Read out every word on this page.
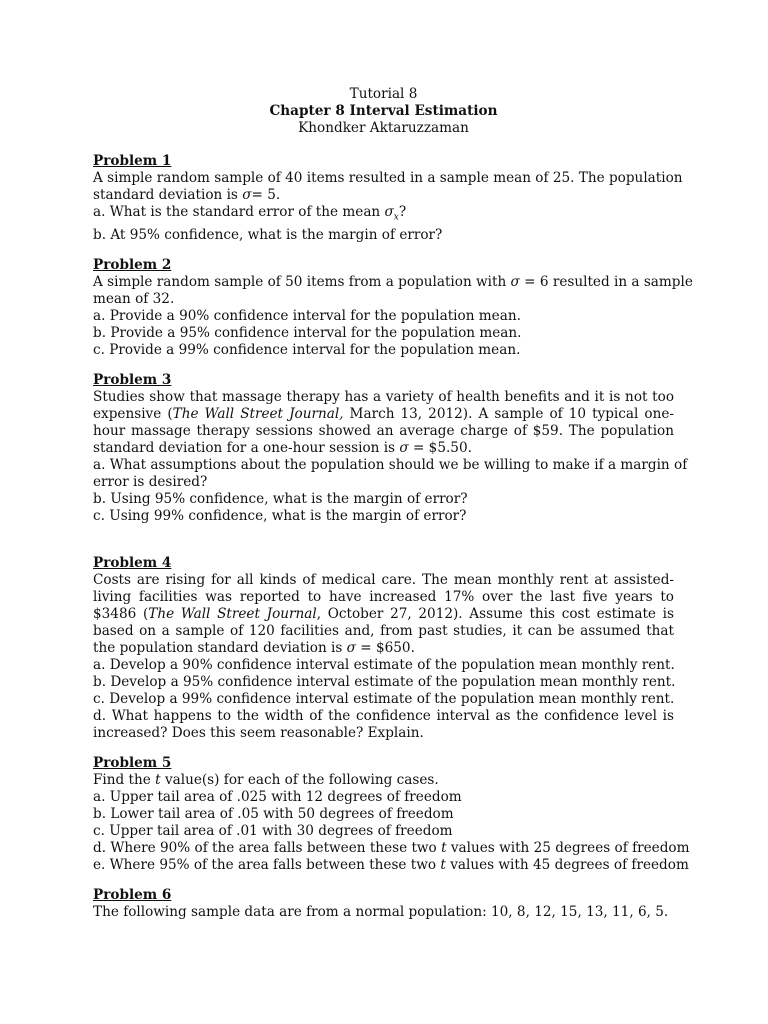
Tutorial 8
Chapter 8 Interval Estimation
Khondker Aktaruzzaman
Problem 1
A simple random sample of 40 items resulted in a sample mean of 25. The population
standard deviation is σ= 5.
a. What is the standard error of the mean $\sigma_x$?
b. At 95% confidence, what is the margin of error?
Problem 2
A simple random sample of 50 items from a population with σ = 6 resulted in a sample
mean of 32.
a. Provide a 90% confidence interval for the population mean.
b. Provide a 95% confidence interval for the population mean.
c. Provide a 99% confidence interval for the population mean.
Problem 3
Studies show that massage therapy has a variety of health benefits and it is not too expensive (The Wall Street Journal, March 13, 2012). A sample of 10 typical one-hour massage therapy sessions showed an average charge of $59. The population standard deviation for a one-hour session is σ = $5.50.
a. What assumptions about the population should we be willing to make if a margin of
error is desired?
b. Using 95% confidence, what is the margin of error?
c. Using 99% confidence, what is the margin of error?
Problem 4
Costs are rising for all kinds of medical care. The mean monthly rent at assisted-living facilities was reported to have increased 17% over the last five years to $3486 (The Wall Street Journal, October 27, 2012). Assume this cost estimate is based on a sample of 120 facilities and, from past studies, it can be assumed that the population standard deviation is σ = $650.
a. Develop a 90% confidence interval estimate of the population mean monthly rent.
b. Develop a 95% confidence interval estimate of the population mean monthly rent.
c. Develop a 99% confidence interval estimate of the population mean monthly rent.
d. What happens to the width of the confidence interval as the confidence level is increased? Does this seem reasonable? Explain.
Problem 5
Find the t value(s) for each of the following cases.
a. Upper tail area of .025 with 12 degrees of freedom
b. Lower tail area of .05 with 50 degrees of freedom
c. Upper tail area of .01 with 30 degrees of freedom
d. Where 90% of the area falls between these two t values with 25 degrees of freedom
e. Where 95% of the area falls between these two t values with 45 degrees of freedom
Problem 6
The following sample data are from a normal population: 10, 8, 12, 15, 13, 11, 6, 5.
